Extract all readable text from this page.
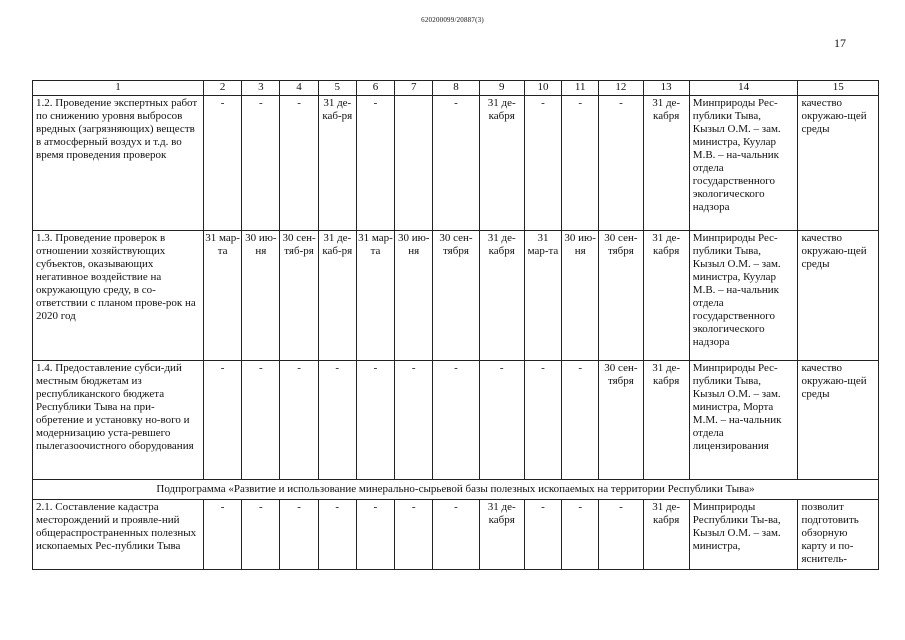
620200099/20887(3)
17
1	2	3	4	5	6	7	8	9	10	11	12	13	14	15
1.2. Проведение экспертных работ по снижению уровня выбросов вредных (загрязняющих) веществ в атмосферный воздух и т.д. во время проведения проверок	-	-	-	31 де-каб-ря	-		-	31 де-кабря	-	-	-	31 де-кабря	Минприроды Рес-публики Тыва, Кызыл О.М. – зам. министра, Куулар М.В. – на-чальник отдела государственного экологического надзора	качество окружаю-щей среды
1.3. Проведение проверок в отношении хозяйствующих субъектов, оказывающих негативное воздействие на окружающую среду, в со-ответствии с планом прове-рок на 2020 год	31 мар-та	30 ию-ня	30 сен-тяб-ря	31 де-каб-ря	31 мар-та	30 ию-ня	30 сен-тября	31 де-кабря	31 мар-та	30 ию-ня	30 сен-тября	31 де-кабря	Минприроды Рес-публики Тыва, Кызыл О.М. – зам. министра, Куулар М.В. – на-чальник отдела государственного экологического надзора	качество окружаю-щей среды
1.4. Предоставление субси-дий местным бюджетам из республиканского бюджета Республики Тыва на при-обретение и установку но-вого и модернизацию уста-ревшего пылегазоочистного оборудования	-	-	-	-	-	-	-	-	-	-	30 сен-тября	31 де-кабря	Минприроды Рес-публики Тыва, Кызыл О.М. – зам. министра, Морта М.М. – на-чальник отдела лицензирования	качество окружаю-щей среды
Подпрограмма «Развитие и использование минерально-сырьевой базы полезных ископаемых на территории Республики Тыва»														
2.1. Составление кадастра месторождений и проявле-ний общераспространенных полезных ископаемых Рес-публики Тыва	-	-	-	-	-	-	-	31 де-кабря	-	-	-	31 де-кабря	Минприроды Республики Ты-ва, Кызыл О.М. – зам. министра,	позволит подготовить обзорную карту и по-яснитель-
